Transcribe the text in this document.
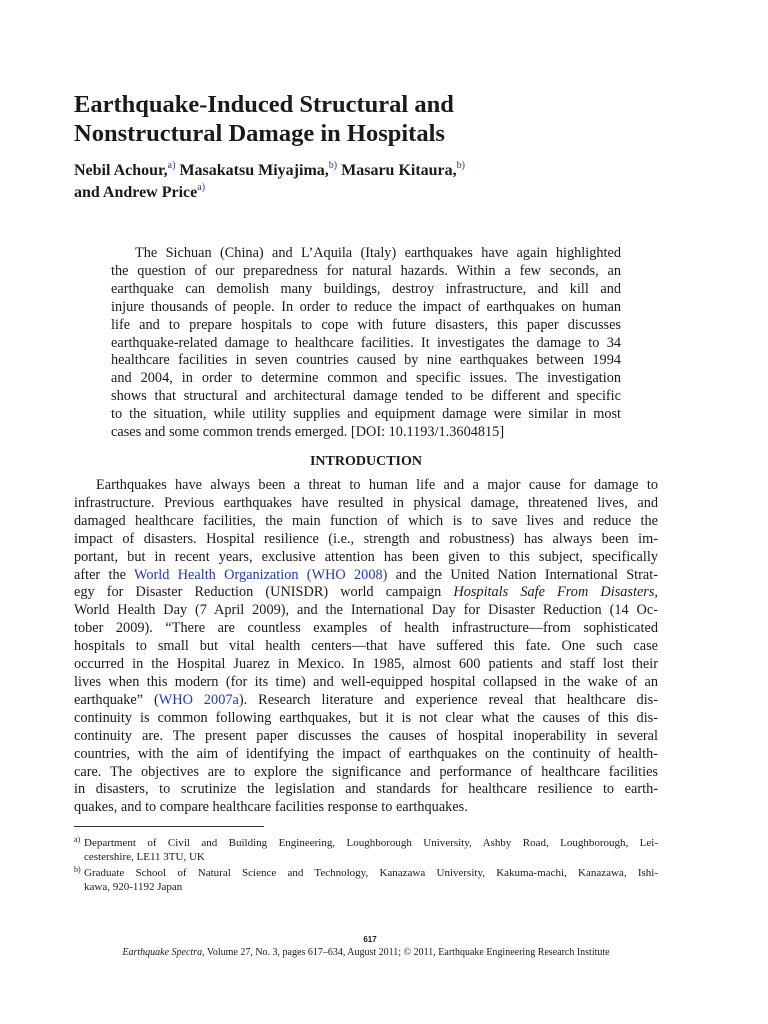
Earthquake-Induced Structural and
Nonstructural Damage in Hospitals
Nebil Achour,$^{a)}$ Masakatsu Miyajima,$^{b)}$ Masaru Kitaura,$^{b)}$
and Andrew Price$^{a)}$
The Sichuan (China) and L’Aquila (Italy) earthquakes have again highlighted
the question of our preparedness for natural hazards. Within a few seconds, an
earthquake can demolish many buildings, destroy infrastructure, and kill and
injure thousands of people. In order to reduce the impact of earthquakes on human
life and to prepare hospitals to cope with future disasters, this paper discusses
earthquake-related damage to healthcare facilities. It investigates the damage to 34
healthcare facilities in seven countries caused by nine earthquakes between 1994
and 2004, in order to determine common and specific issues. The investigation
shows that structural and architectural damage tended to be different and specific
to the situation, while utility supplies and equipment damage were similar in most
cases and some common trends emerged. [DOI: 10.1193/1.3604815]
INTRODUCTION
Earthquakes have always been a threat to human life and a major cause for damage to
infrastructure. Previous earthquakes have resulted in physical damage, threatened lives, and
damaged healthcare facilities, the main function of which is to save lives and reduce the
impact of disasters. Hospital resilience (i.e., strength and robustness) has always been im-
portant, but in recent years, exclusive attention has been given to this subject, specifically
after the World Health Organization (WHO 2008) and the United Nation International Strat-
egy for Disaster Reduction (UNISDR) world campaign Hospitals Safe From Disasters,
World Health Day (7 April 2009), and the International Day for Disaster Reduction (14 Oc-
tober 2009). “There are countless examples of health infrastructure—from sophisticated
hospitals to small but vital health centers—that have suffered this fate. One such case
occurred in the Hospital Juarez in Mexico. In 1985, almost 600 patients and staff lost their
lives when this modern (for its time) and well-equipped hospital collapsed in the wake of an
earthquake” (WHO 2007a). Research literature and experience reveal that healthcare dis-
continuity is common following earthquakes, but it is not clear what the causes of this dis-
continuity are. The present paper discusses the causes of hospital inoperability in several
countries, with the aim of identifying the impact of earthquakes on the continuity of health-
care. The objectives are to explore the significance and performance of healthcare facilities
in disasters, to scrutinize the legislation and standards for healthcare resilience to earth-
quakes, and to compare healthcare facilities response to earthquakes.
a) Department of Civil and Building Engineering, Loughborough University, Ashby Road, Loughborough, Lei-
cestershire, LE11 3TU, UK
b) Graduate School of Natural Science and Technology, Kanazawa University, Kakuma-machi, Kanazawa, Ishi-
kawa, 920-1192 Japan
617
Earthquake Spectra, Volume 27, No. 3, pages 617–634, August 2011; © 2011, Earthquake Engineering Research Institute
